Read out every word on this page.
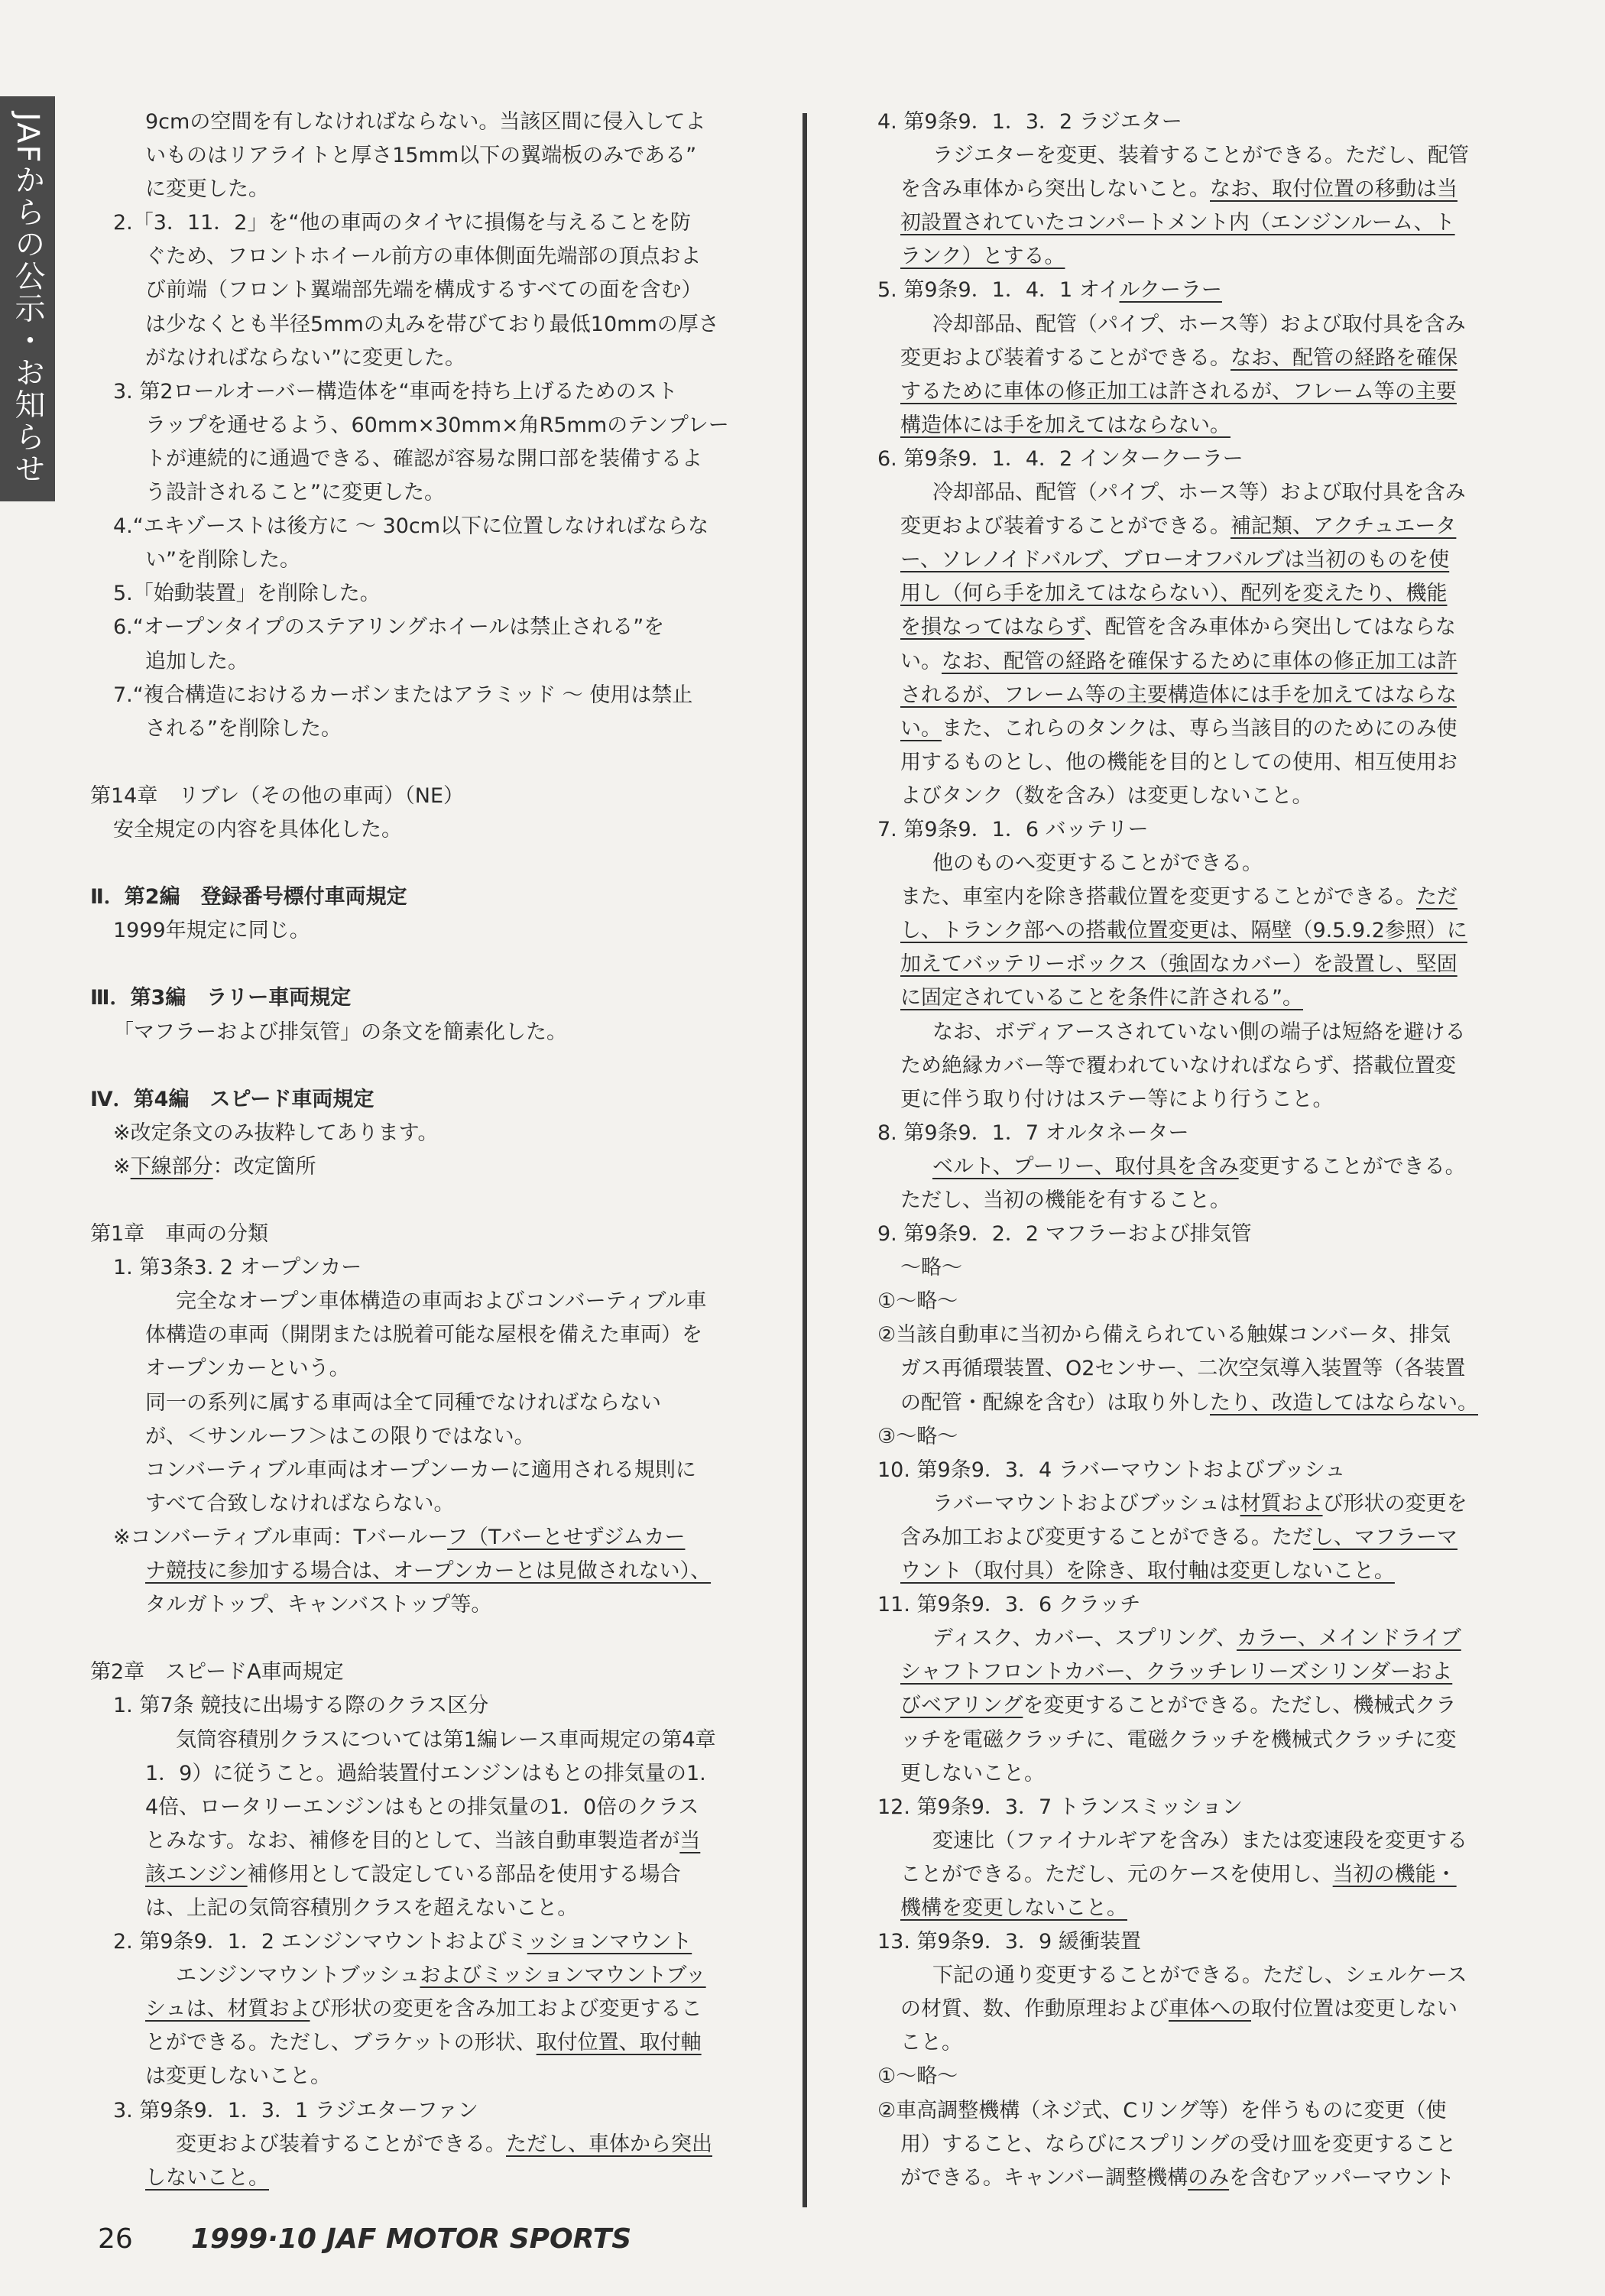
JAFからの公示・お知らせ	9cmの空間を有しなければならない。当該区間に侵入してよ
いものはリアライトと厚さ15mm以下の翼端板のみである”
に変更した。
2.「3．11．2」を“他の車両のタイヤに損傷を与えることを防
ぐため、フロントホイール前方の車体側面先端部の頂点およ
び前端（フロント翼端部先端を構成するすべての面を含む）
は少なくとも半径5mmの丸みを帯びており最低10mmの厚さ
がなければならない”に変更した。
3. 第2ロールオーバー構造体を“車両を持ち上げるためのスト
ラップを通せるよう、60mm×30mm×角R5mmのテンプレー
トが連続的に通過できる、確認が容易な開口部を装備するよ
う設計されること”に変更した。
4.“エキゾーストは後方に ～ 30cm以下に位置しなければならな
い”を削除した。
5.「始動装置」を削除した。
6.“オープンタイプのステアリングホイールは禁止される”を
追加した。
7.“複合構造におけるカーボンまたはアラミッド ～ 使用は禁止
される”を削除した。
第14章　リブレ（その他の車両）（NE）
安全規定の内容を具体化した。
Ⅱ．第2編　登録番号標付車両規定
1999年規定に同じ。
Ⅲ．第3編　ラリー車両規定
「マフラーおよび排気管」の条文を簡素化した。
Ⅳ．第4編　スピード車両規定
※改定条文のみ抜粋してあります。
※下線部分：改定箇所
第1章　車両の分類
1. 第3条3. 2 オープンカー
完全なオープン車体構造の車両およびコンバーティブル車
体構造の車両（開閉または脱着可能な屋根を備えた車両）を
オープンカーという。
同一の系列に属する車両は全て同種でなければならない
が、＜サンルーフ＞はこの限りではない。
コンバーティブル車両はオープンーカーに適用される規則に
すべて合致しなければならない。
※コンバーティブル車両：Tバールーフ（Tバーとせずジムカー
ナ競技に参加する場合は、オープンカーとは見做されない）、
タルガトップ、キャンバストップ等。
第2章　スピードA車両規定
1. 第7条 競技に出場する際のクラス区分
気筒容積別クラスについては第1編レース車両規定の第4章
1．9）に従うこと。過給装置付エンジンはもとの排気量の1.
4倍、ロータリーエンジンはもとの排気量の1．0倍のクラス
とみなす。なお、補修を目的として、当該自動車製造者が当
該エンジン補修用として設定している部品を使用する場合
は、上記の気筒容積別クラスを超えないこと。
2. 第9条9．1．2 エンジンマウントおよびミッションマウント
エンジンマウントブッシュおよびミッションマウントブッ
シュは、材質および形状の変更を含み加工および変更するこ
とができる。ただし、ブラケットの形状、取付位置、取付軸
は変更しないこと。
3. 第9条9．1．3．1 ラジエターファン
変更および装着することができる。ただし、車体から突出
しないこと。
4. 第9条9．1．3．2 ラジエター
ラジエターを変更、装着することができる。ただし、配管
を含み車体から突出しないこと。なお、取付位置の移動は当
初設置されていたコンパートメント内（エンジンルーム、ト
ランク）とする。
5. 第9条9．1．4．1 オイルクーラー
冷却部品、配管（パイプ、ホース等）および取付具を含み
変更および装着することができる。なお、配管の経路を確保
するために車体の修正加工は許されるが、フレーム等の主要
構造体には手を加えてはならない。
6. 第9条9．1．4．2 インタークーラー
冷却部品、配管（パイプ、ホース等）および取付具を含み
変更および装着することができる。補記類、アクチュエータ
ー、ソレノイドバルブ、ブローオフバルブは当初のものを使
用し（何ら手を加えてはならない）、配列を変えたり、機能
を損なってはならず、配管を含み車体から突出してはならな
い。なお、配管の経路を確保するために車体の修正加工は許
されるが、フレーム等の主要構造体には手を加えてはならな
い。また、これらのタンクは、専ら当該目的のためにのみ使
用するものとし、他の機能を目的としての使用、相互使用お
よびタンク（数を含み）は変更しないこと。
7. 第9条9．1．6 バッテリー
他のものへ変更することができる。
また、車室内を除き搭載位置を変更することができる。ただ
し、トランク部への搭載位置変更は、隔壁（9.5.9.2参照）に
加えてバッテリーボックス（強固なカバー）を設置し、堅固
に固定されていることを条件に許される”。
なお、ボディアースされていない側の端子は短絡を避ける
ため絶縁カバー等で覆われていなければならず、搭載位置変
更に伴う取り付けはステー等により行うこと。
8. 第9条9．1．7 オルタネーター
ベルト、プーリー、取付具を含み変更することができる。
ただし、当初の機能を有すること。
9. 第9条9．2．2 マフラーおよび排気管
～略～
①～略～
②当該自動車に当初から備えられている触媒コンバータ、排気
ガス再循環装置、O2センサー、二次空気導入装置等（各装置
の配管・配線を含む）は取り外したり、改造してはならない。
③～略～
10. 第9条9．3．4 ラバーマウントおよびブッシュ
ラバーマウントおよびブッシュは材質および形状の変更を
含み加工および変更することができる。ただし、マフラーマ
ウント（取付具）を除き、取付軸は変更しないこと。
11. 第9条9．3．6 クラッチ
ディスク、カバー、スプリング、カラー、メインドライブ
シャフトフロントカバー、クラッチレリーズシリンダーおよ
びベアリングを変更することができる。ただし、機械式クラ
ッチを電磁クラッチに、電磁クラッチを機械式クラッチに変
更しないこと。
12. 第9条9．3．7 トランスミッション
変速比（ファイナルギアを含み）または変速段を変更する
ことができる。ただし、元のケースを使用し、当初の機能・
機構を変更しないこと。
13. 第9条9．3．9 緩衝装置
下記の通り変更することができる。ただし、シェルケース
の材質、数、作動原理および車体への取付位置は変更しない
こと。
①～略～
②車高調整機構（ネジ式、Cリング等）を伴うものに変更（使
用）すること、ならびにスプリングの受け皿を変更すること
ができる。キャンバー調整機構のみを含むアッパーマウント
26 1999·10 JAF MOTOR SPORTS
